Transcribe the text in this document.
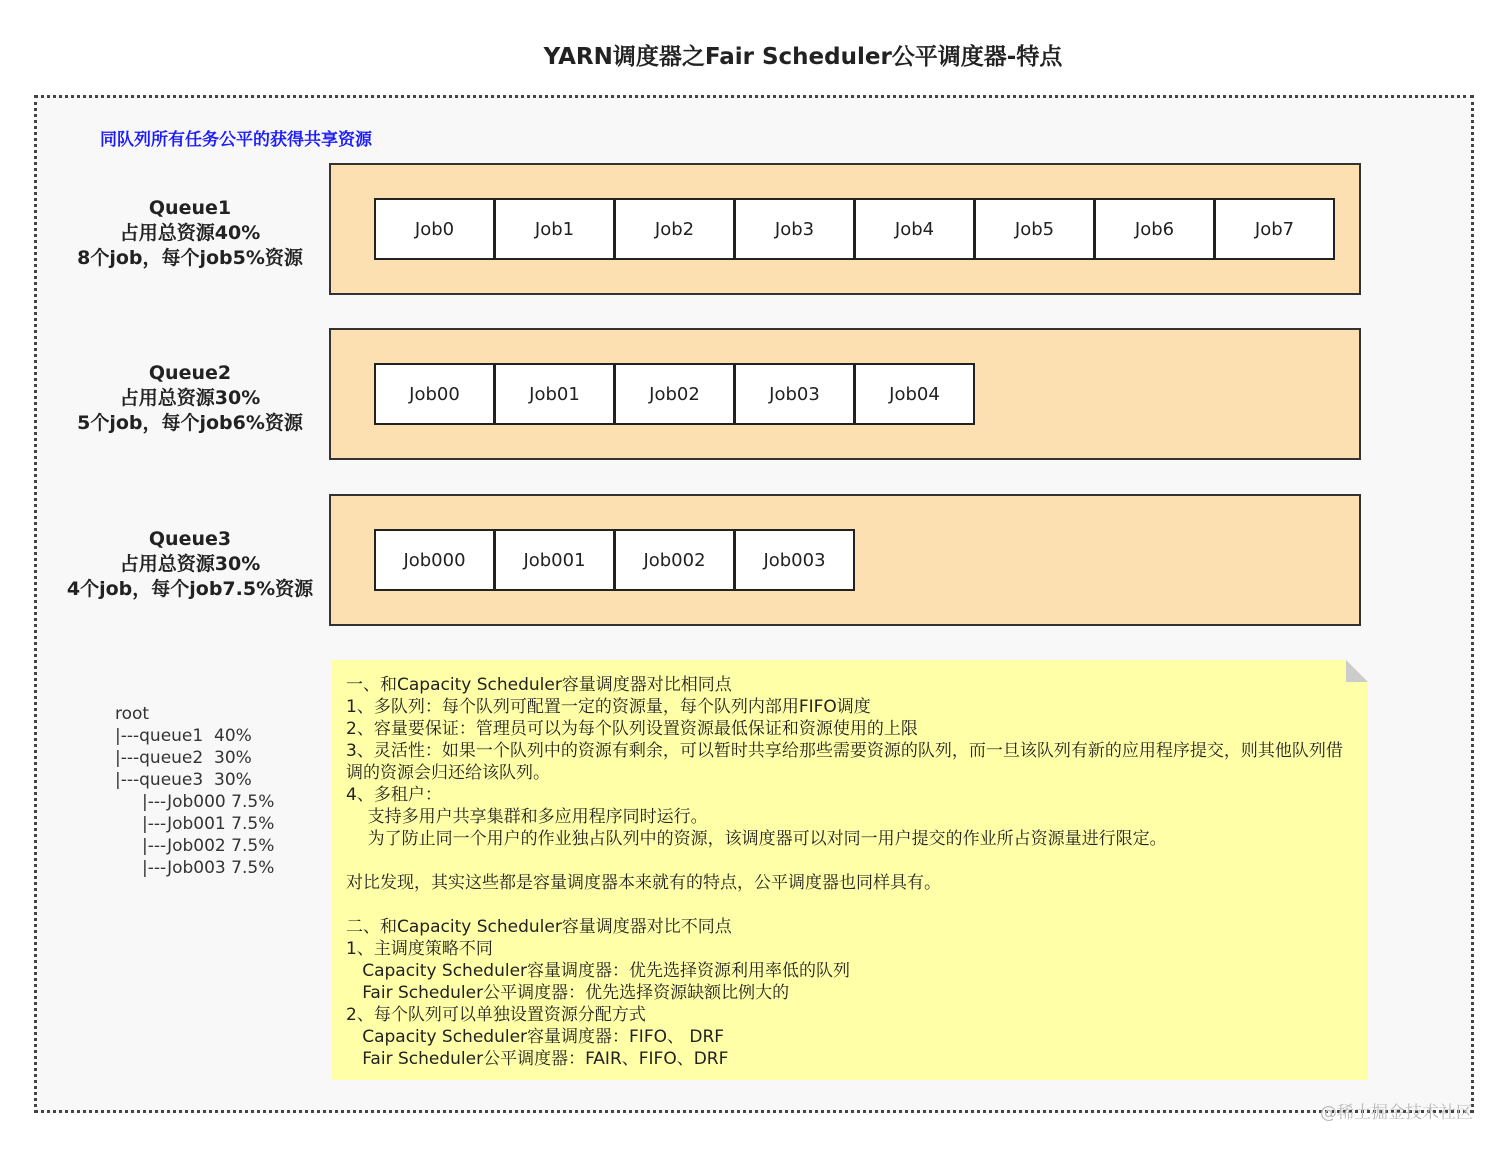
YARN调度器之Fair Scheduler公平调度器-特点
同队列所有任务公平的获得共享资源
Queue1
占用总资源40%
8个job，每个job5%资源
Job0	Job1	Job2	Job3	Job4	Job5	Job6	Job7
Queue2
占用总资源30%
5个job，每个job6%资源
Job00	Job01	Job02	Job03	Job04
Queue3
占用总资源30%
4个job，每个job7.5%资源
Job000	Job001	Job002	Job003
root
|---queue1  40%
|---queue2  30%
|---queue3  30%
|---Job000 7.5%
|---Job001 7.5%
|---Job002 7.5%
|---Job003 7.5%
一、和Capacity Scheduler容量调度器对比相同点
1、多队列：每个队列可配置一定的资源量，每个队列内部用FIFO调度
2、容量要保证：管理员可以为每个队列设置资源最低保证和资源使用的上限
3、灵活性：如果一个队列中的资源有剩余，可以暂时共享给那些需要资源的队列，而一旦该队列有新的应用程序提交，则其他队列借调的资源会归还给该队列。
4、多租户：
支持多用户共享集群和多应用程序同时运行。
为了防止同一个用户的作业独占队列中的资源，该调度器可以对同一用户提交的作业所占资源量进行限定。
对比发现，其实这些都是容量调度器本来就有的特点，公平调度器也同样具有。
二、和Capacity Scheduler容量调度器对比不同点
1、主调度策略不同
Capacity Scheduler容量调度器：优先选择资源利用率低的队列
Fair Scheduler公平调度器：优先选择资源缺额比例大的
2、每个队列可以单独设置资源分配方式
Capacity Scheduler容量调度器：FIFO、 DRF
Fair Scheduler公平调度器：FAIR、FIFO、DRF
@稀土掘金技术社区
